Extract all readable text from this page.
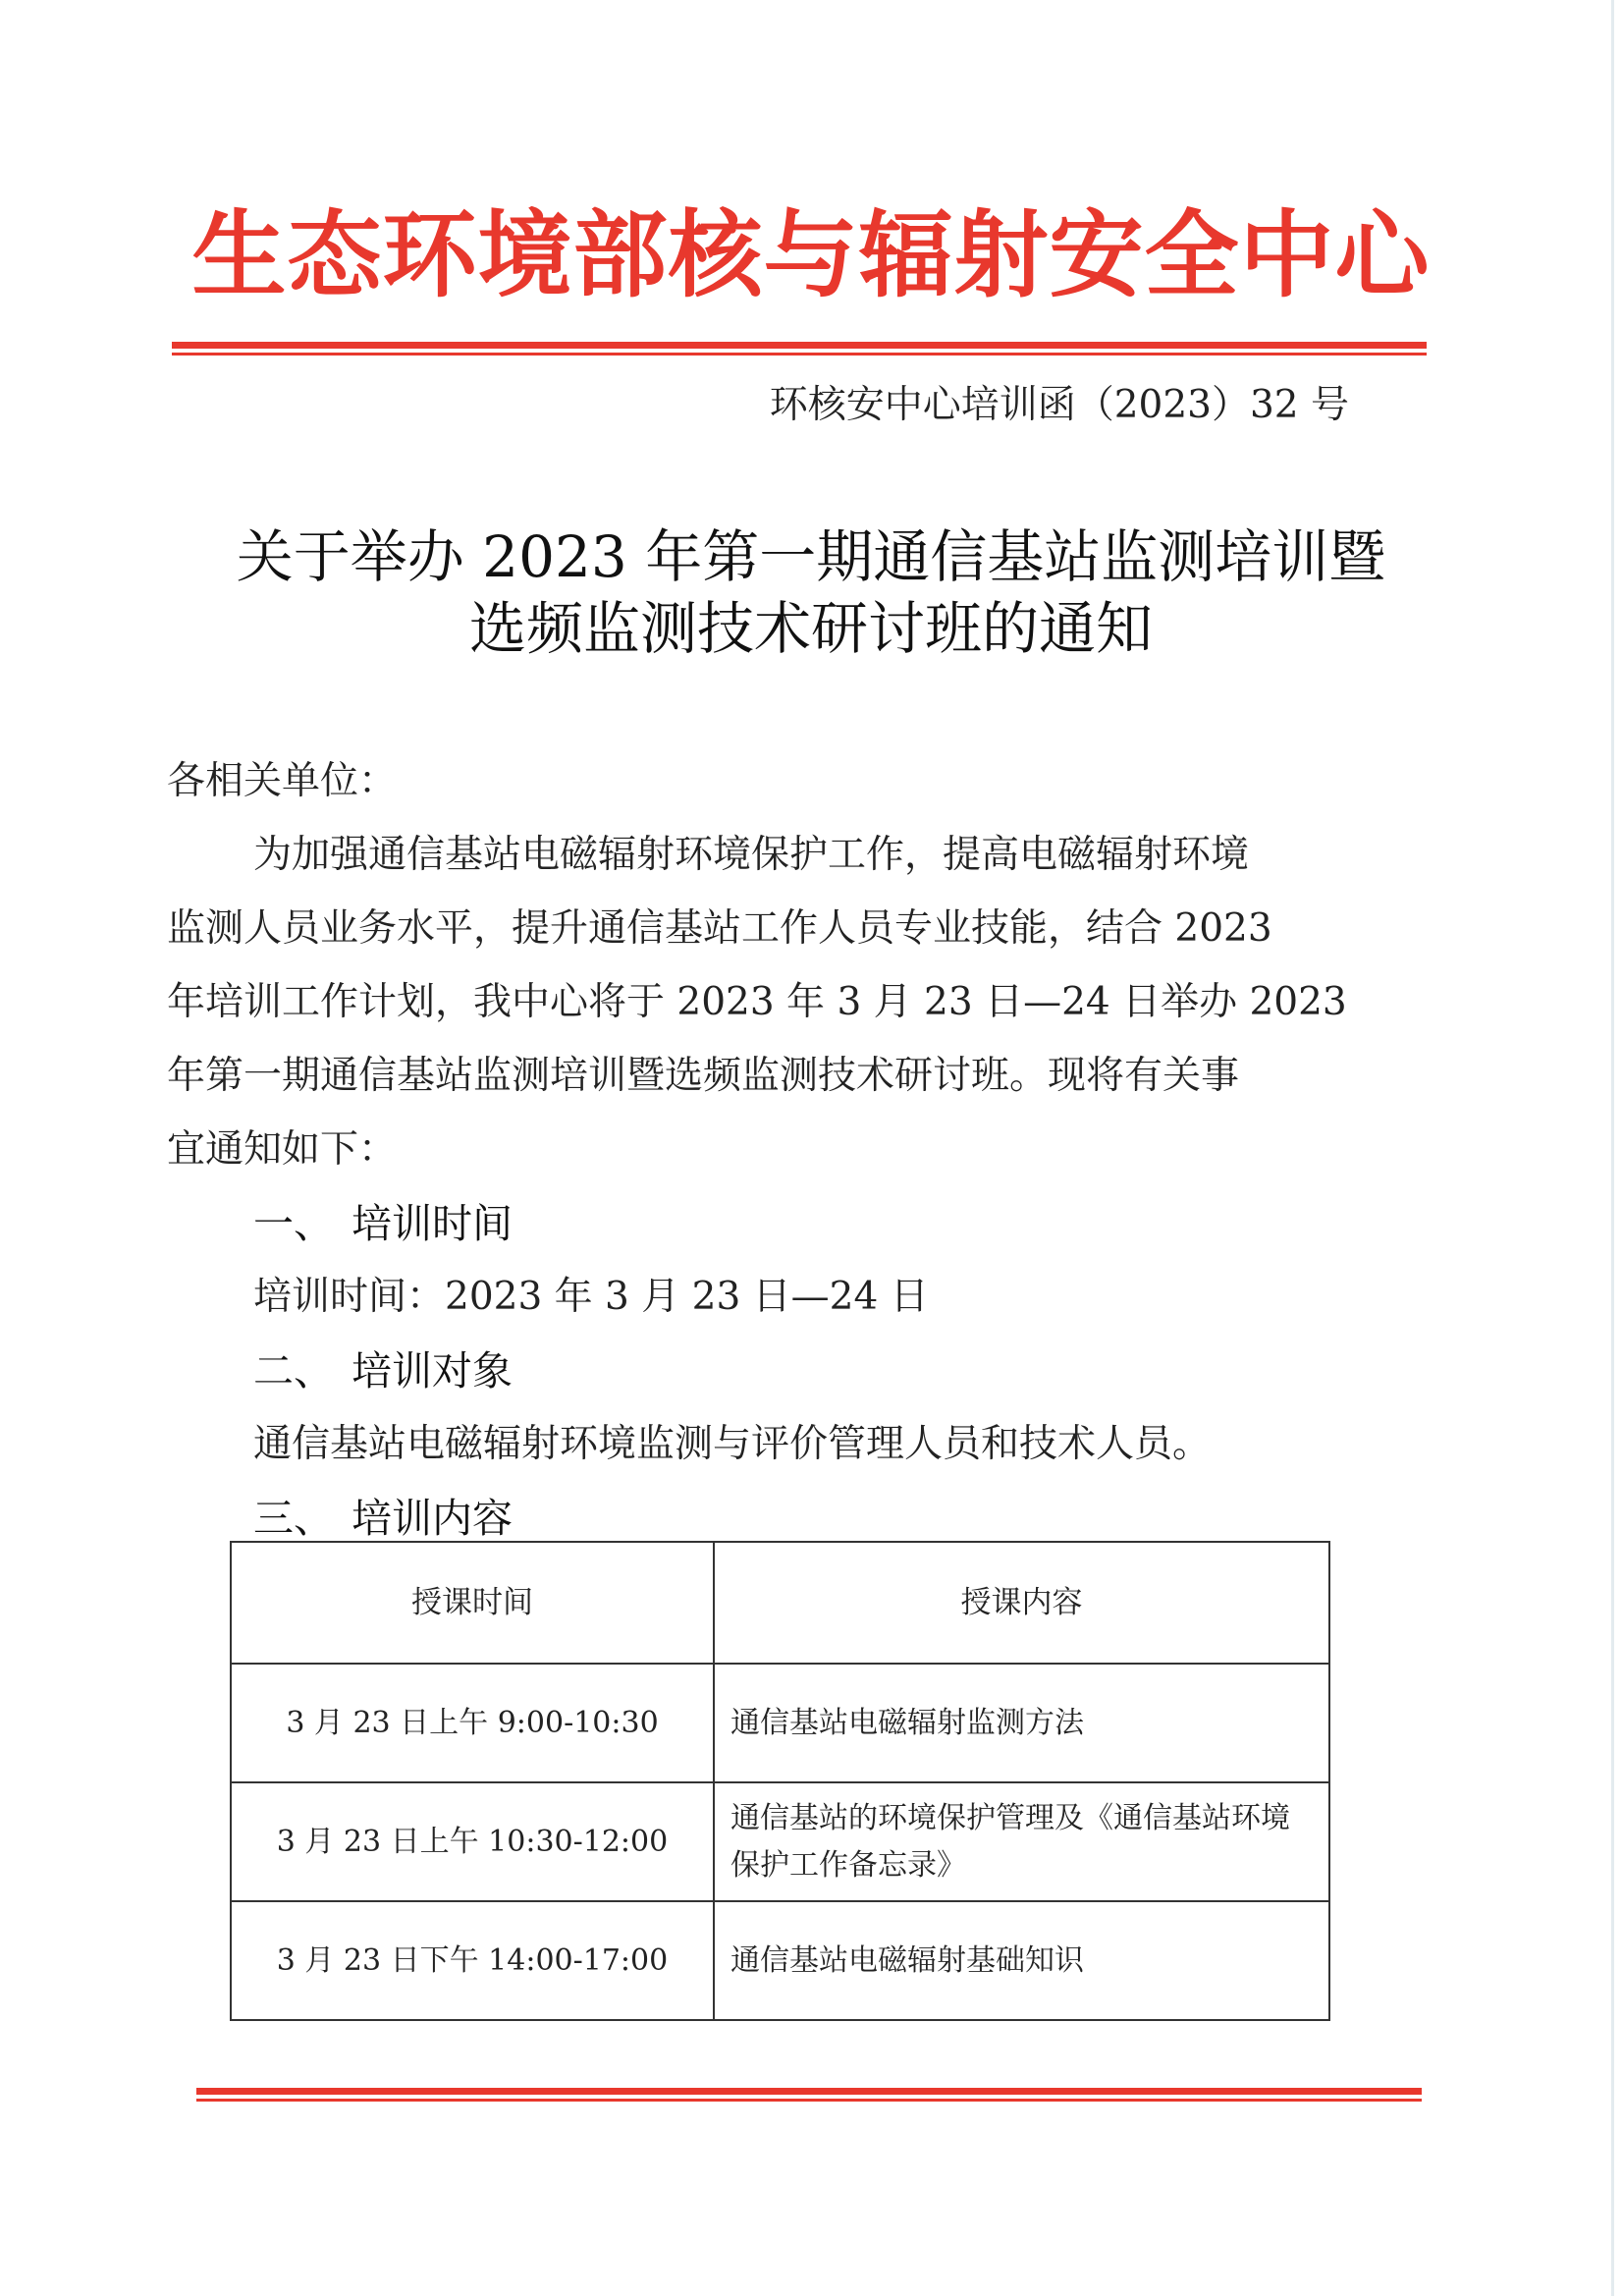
生态环境部核与辐射安全中心
环核安中心培训函（2023）32 号
关于举办 2023 年第一期通信基站监测培训暨
选频监测技术研讨班的通知
各相关单位：
为加强通信基站电磁辐射环境保护工作，提高电磁辐射环境
监测人员业务水平，提升通信基站工作人员专业技能，结合 2023
年培训工作计划，我中心将于 2023 年 3 月 23 日—24 日举办 2023
年第一期通信基站监测培训暨选频监测技术研讨班。现将有关事
宜通知如下：
一、 培训时间
培训时间：2023 年 3 月 23 日—24 日
二、 培训对象
通信基站电磁辐射环境监测与评价管理人员和技术人员。
三、 培训内容
授课时间	授课内容
3 月 23 日上午 9:00-10:30	通信基站电磁辐射监测方法
3 月 23 日上午 10:30-12:00	通信基站的环境保护管理及《通信基站环境保护工作备忘录》
3 月 23 日下午 14:00-17:00	通信基站电磁辐射基础知识
